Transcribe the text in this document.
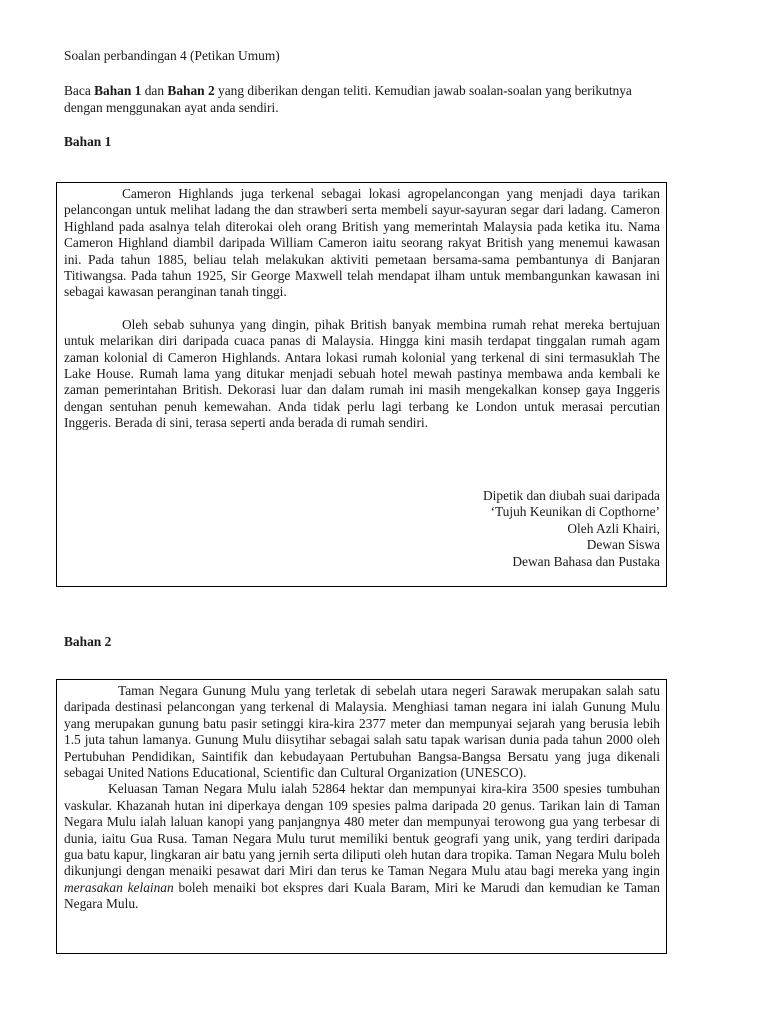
Soalan perbandingan 4 (Petikan Umum)
Baca Bahan 1 dan Bahan 2 yang diberikan dengan teliti. Kemudian jawab soalan-soalan yang berikutnya dengan menggunakan ayat anda sendiri.
Bahan 1

Cameron Highlands juga terkenal sebagai lokasi agropelancongan yang menjadi daya tarikan pelancongan untuk melihat ladang the dan strawberi serta membeli sayur-sayuran segar dari ladang. Cameron Highland pada asalnya telah diterokai oleh orang British yang memerintah Malaysia pada ketika itu. Nama Cameron Highland diambil daripada William Cameron iaitu seorang rakyat British yang menemui kawasan ini. Pada tahun 1885, beliau telah melakukan aktiviti pemetaan bersama-sama pembantunya di Banjaran Titiwangsa. Pada tahun 1925, Sir George Maxwell telah mendapat ilham untuk membangunkan kawasan ini sebagai kawasan peranginan tanah tinggi.

Oleh sebab suhunya yang dingin, pihak British banyak membina rumah rehat mereka bertujuan untuk melarikan diri daripada cuaca panas di Malaysia. Hingga kini masih terdapat tinggalan rumah agam zaman kolonial di Cameron Highlands. Antara lokasi rumah kolonial yang terkenal di sini termasuklah The Lake House. Rumah lama yang ditukar menjadi sebuah hotel mewah pastinya membawa anda kembali ke zaman pemerintahan British. Dekorasi luar dan dalam rumah ini masih mengekalkan konsep gaya Inggeris dengan sentuhan penuh kemewahan. Anda tidak perlu lagi terbang ke London untuk merasai percutian Inggeris. Berada di sini, terasa seperti anda berada di rumah sendiri.

Dipetik dan diubah suai daripada
‘Tujuh Keunikan di Copthorne’
Oleh Azli Khairi,
Dewan Siswa
Dewan Bahasa dan Pustaka
Bahan 2

Taman Negara Gunung Mulu yang terletak di sebelah utara negeri Sarawak merupakan salah satu daripada destinasi pelancongan yang terkenal di Malaysia. Menghiasi taman negara ini ialah Gunung Mulu yang merupakan gunung batu pasir setinggi kira-kira 2377 meter dan mempunyai sejarah yang berusia lebih 1.5 juta tahun lamanya. Gunung Mulu diisytihar sebagai salah satu tapak warisan dunia pada tahun 2000 oleh Pertubuhan Pendidikan, Saintifik dan kebudayaan Pertubuhan Bangsa-Bangsa Bersatu yang juga dikenali sebagai United Nations Educational, Scientific dan Cultural Organization (UNESCO).

Keluasan Taman Negara Mulu ialah 52864 hektar dan mempunyai kira-kira 3500 spesies tumbuhan vaskular. Khazanah hutan ini diperkaya dengan 109 spesies palma daripada 20 genus. Tarikan lain di Taman Negara Mulu ialah laluan kanopi yang panjangnya 480 meter dan mempunyai terowong gua yang terbesar di dunia, iaitu Gua Rusa. Taman Negara Mulu turut memiliki bentuk geografi yang unik, yang terdiri daripada gua batu kapur, lingkaran air batu yang jernih serta diliputi oleh hutan dara tropika. Taman Negara Mulu boleh dikunjungi dengan menaiki pesawat dari Miri dan terus ke Taman Negara Mulu atau bagi mereka yang ingin merasakan kelainan boleh menaiki bot ekspres dari Kuala Baram, Miri ke Marudi dan kemudian ke Taman Negara Mulu.
